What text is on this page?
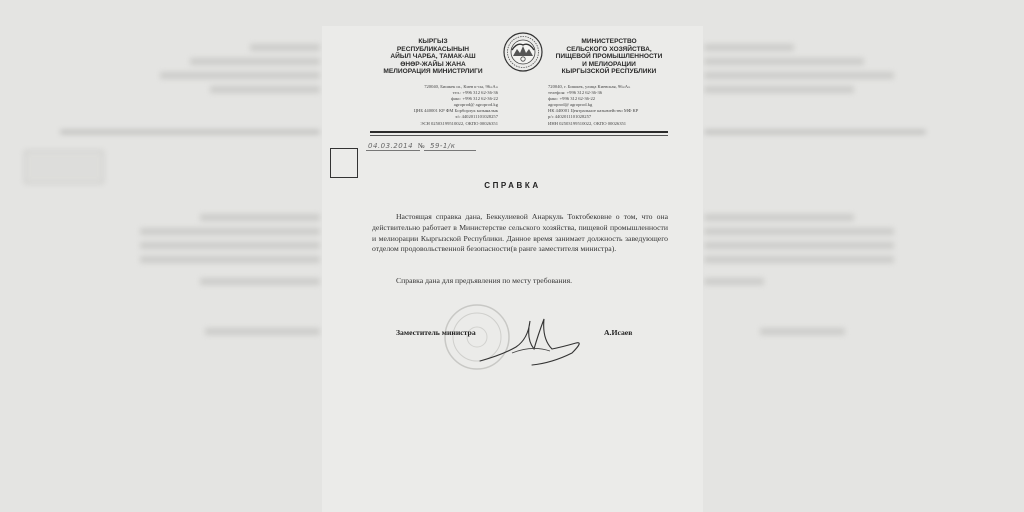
КЫРГЫЗ
РЕСПУБЛИКАСЫНЫН
АЙЫЛ ЧАРБА, ТАМАК-АШ
ӨНӨР-ЖАЙЫ ЖАНА
МЕЛИОРАЦИЯ МИНИСТРЛИГИ
МИНИСТЕРСТВО
СЕЛЬСКОГО ХОЗЯЙСТВА,
ПИЩЕВОЙ ПРОМЫШЛЕННОСТИ
И МЕЛИОРАЦИИ
КЫРГЫЗСКОЙ РЕСПУБЛИКИ
720040, Бишкек ш., Киев к-сы, 96«А»
тел.: +996 312 62-36-36
факс: +996 312 62-36-22
agroprod@ agroprod.kg
ЦНБ 440001 КР ФМ Борборлук казыналык
э/с 4402011101028257
ЭСН 02503199510022, ОКПО 00026351
720040, г. Бишкек, улица Киевская, 96«А»
телефон: +996 312 62-36-36
факс: +996 312 62-36-22
agroprod@ agroprod.kg
НК 440001 Центральное казначейство МФ КР
р/с 4402011101028257
ИНН 02503199510022, ОКПО 00026351
04.03.2014 № 59-1/к
СПРАВКА
Настоящая справка дана, Беккулиевой Анаркуль Токтобековне о том, что она действительно работает в Министерстве сельского хозяйства, пищевой промышленности и мелиорации Кыргызской Республики. Данное время занимает должность заведующего отделом продовольственной безопасности(в ранге заместителя министра).
Справка дана для предъявления по месту требования.
Заместитель министра	А.Исаев
